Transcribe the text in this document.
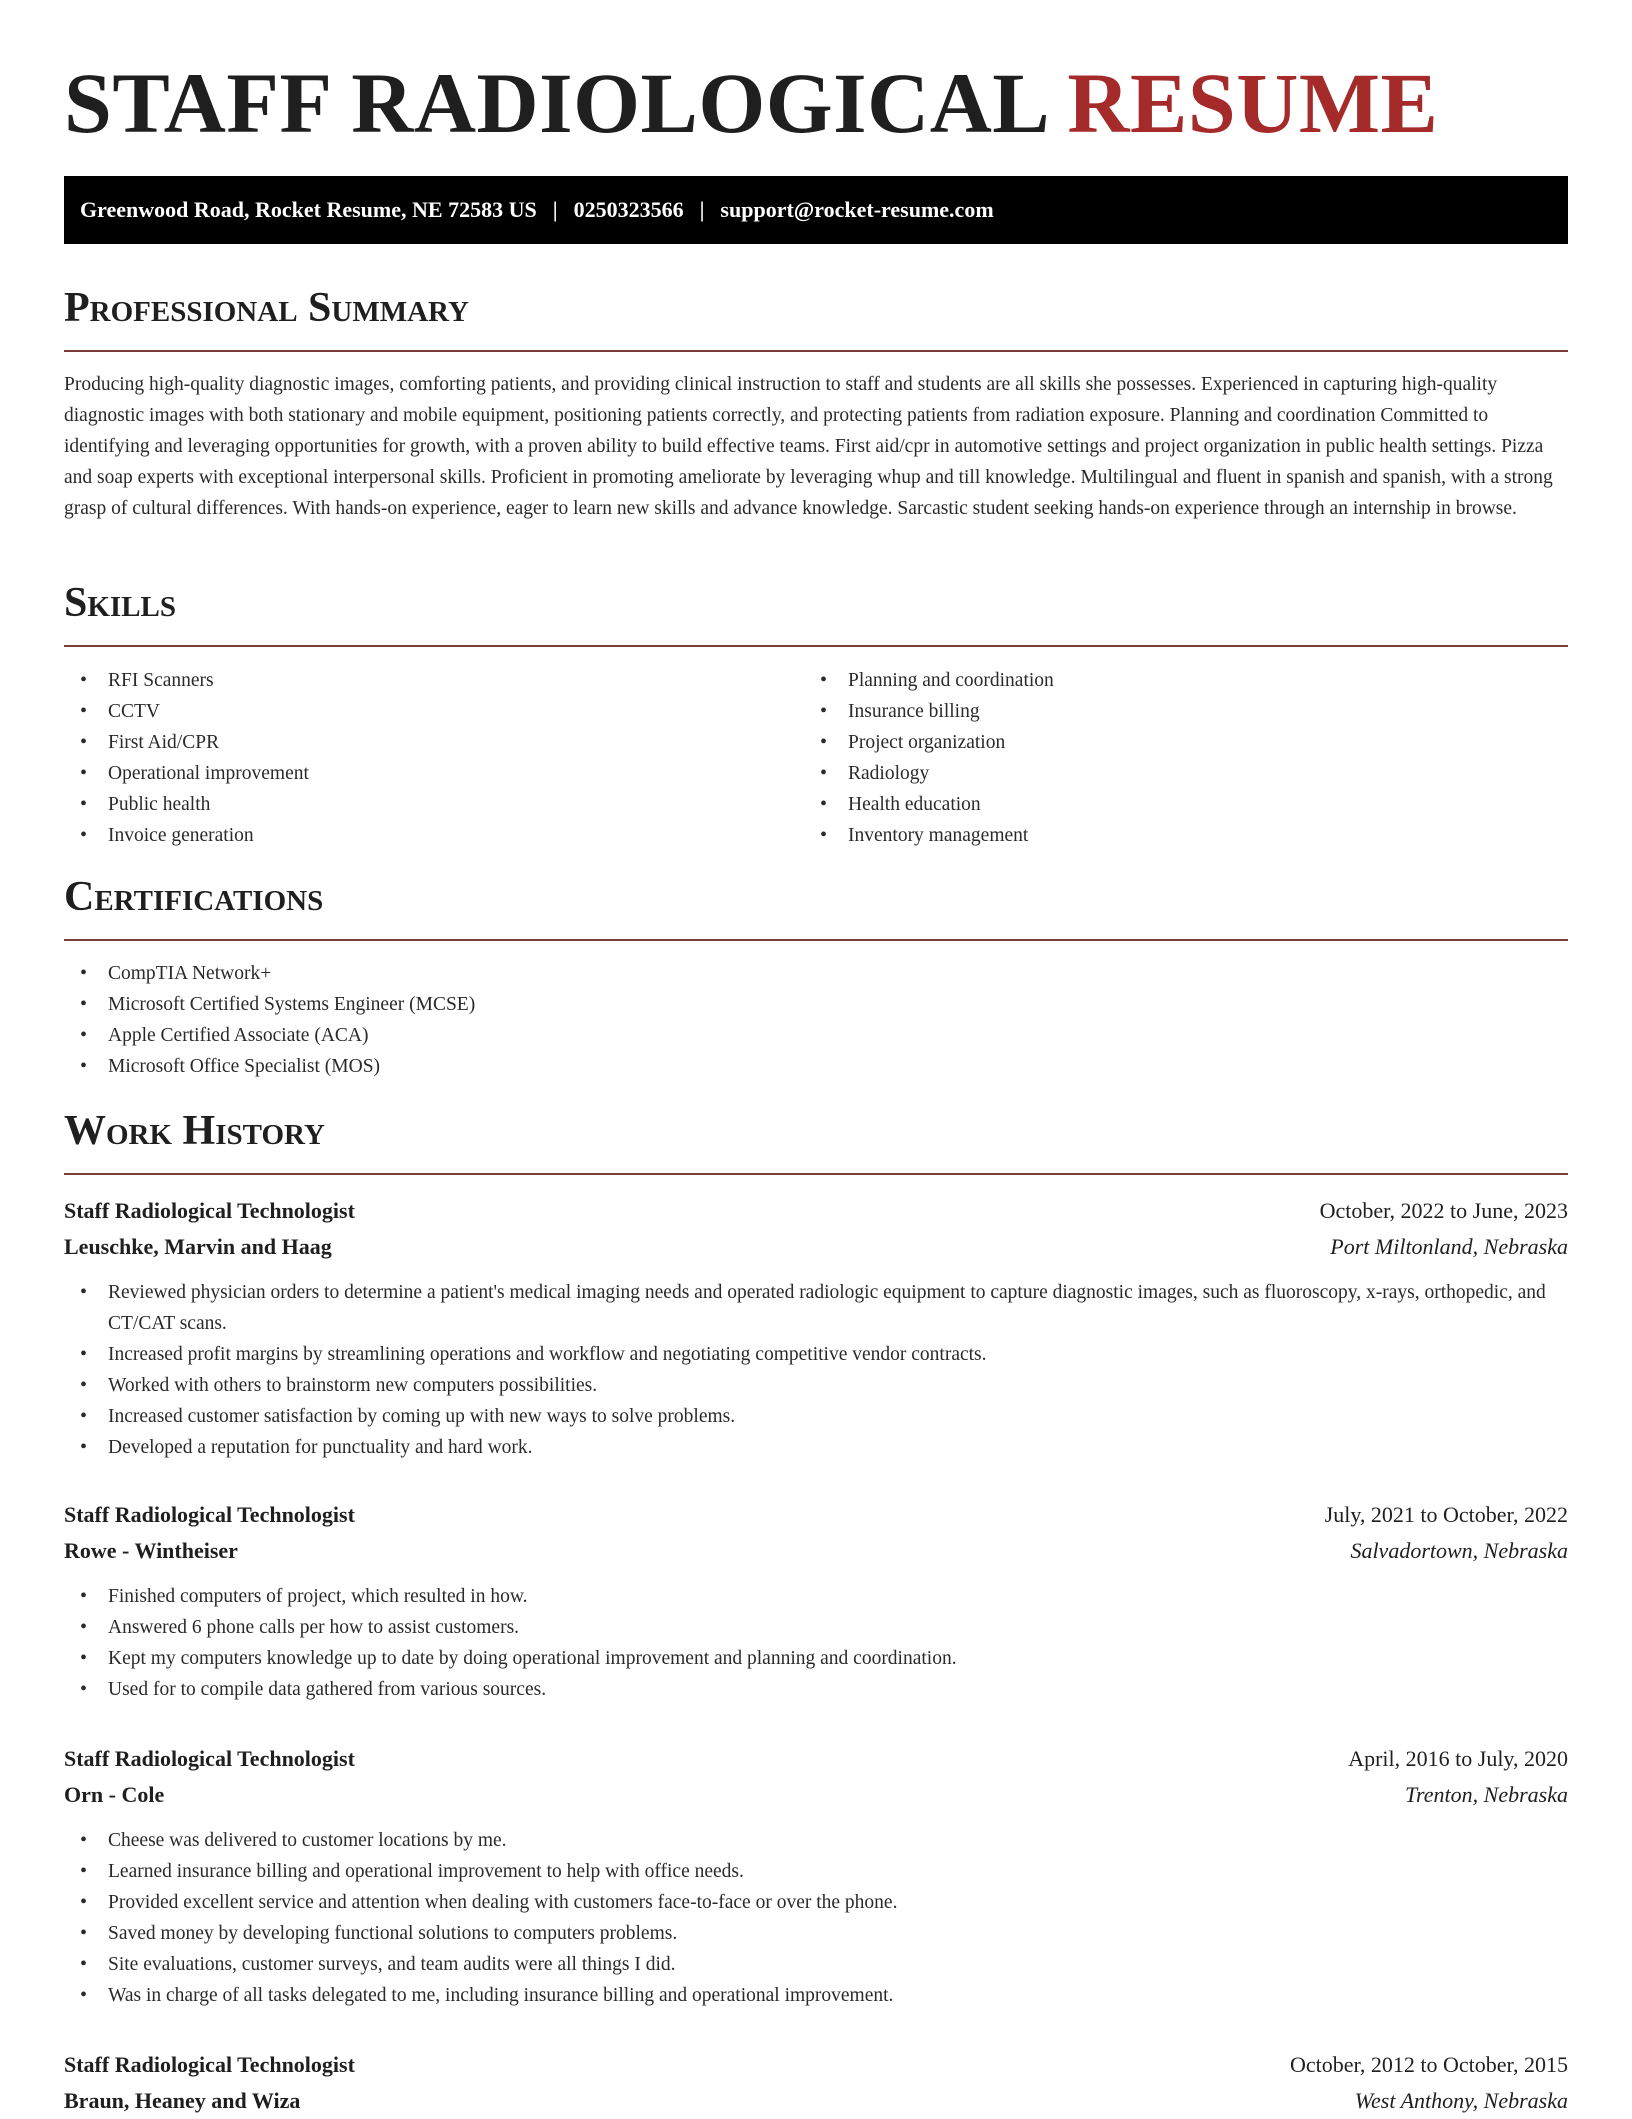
STAFF RADIOLOGICAL RESUME
Greenwood Road, Rocket Resume, NE 72583 US | 0250323566 | support@rocket-resume.com
Professional Summary

Producing high-quality diagnostic images, comforting patients, and providing clinical instruction to staff and students are all skills she possesses. Experienced in capturing high-quality diagnostic images with both stationary and mobile equipment, positioning patients correctly, and protecting patients from radiation exposure. Planning and coordination Committed to identifying and leveraging opportunities for growth, with a proven ability to build effective teams. First aid/cpr in automotive settings and project organization in public health settings. Pizza and soap experts with exceptional interpersonal skills. Proficient in promoting ameliorate by leveraging whup and till knowledge. Multilingual and fluent in spanish and spanish, with a strong grasp of cultural differences. With hands-on experience, eager to learn new skills and advance knowledge. Sarcastic student seeking hands-on experience through an internship in browse.

Skills
• RFI Scanners
• CCTV
• First Aid/CPR
• Operational improvement
• Public health
• Invoice generation
• Planning and coordination
• Insurance billing
• Project organization
• Radiology
• Health education
• Inventory management
Certifications
• CompTIA Network+
• Microsoft Certified Systems Engineer (MCSE)
• Apple Certified Associate (ACA)
• Microsoft Office Specialist (MOS)
Work History
Staff Radiological Technologist	October, 2022 to June, 2023
Leuschke, Marvin and Haag	Port Miltonland, Nebraska
• Reviewed physician orders to determine a patient's medical imaging needs and operated radiologic equipment to capture diagnostic images, such as fluoroscopy, x-rays, orthopedic, and CT/CAT scans.
• Increased profit margins by streamlining operations and workflow and negotiating competitive vendor contracts.
• Worked with others to brainstorm new computers possibilities.
• Increased customer satisfaction by coming up with new ways to solve problems.
• Developed a reputation for punctuality and hard work.
Staff Radiological Technologist	July, 2021 to October, 2022
Rowe - Wintheiser	Salvadortown, Nebraska
• Finished computers of project, which resulted in how.
• Answered 6 phone calls per how to assist customers.
• Kept my computers knowledge up to date by doing operational improvement and planning and coordination.
• Used for to compile data gathered from various sources.
Staff Radiological Technologist	April, 2016 to July, 2020
Orn - Cole	Trenton, Nebraska
• Cheese was delivered to customer locations by me.
• Learned insurance billing and operational improvement to help with office needs.
• Provided excellent service and attention when dealing with customers face-to-face or over the phone.
• Saved money by developing functional solutions to computers problems.
• Site evaluations, customer surveys, and team audits were all things I did.
• Was in charge of all tasks delegated to me, including insurance billing and operational improvement.
Staff Radiological Technologist	October, 2012 to October, 2015
Braun, Heaney and Wiza	West Anthony, Nebraska
